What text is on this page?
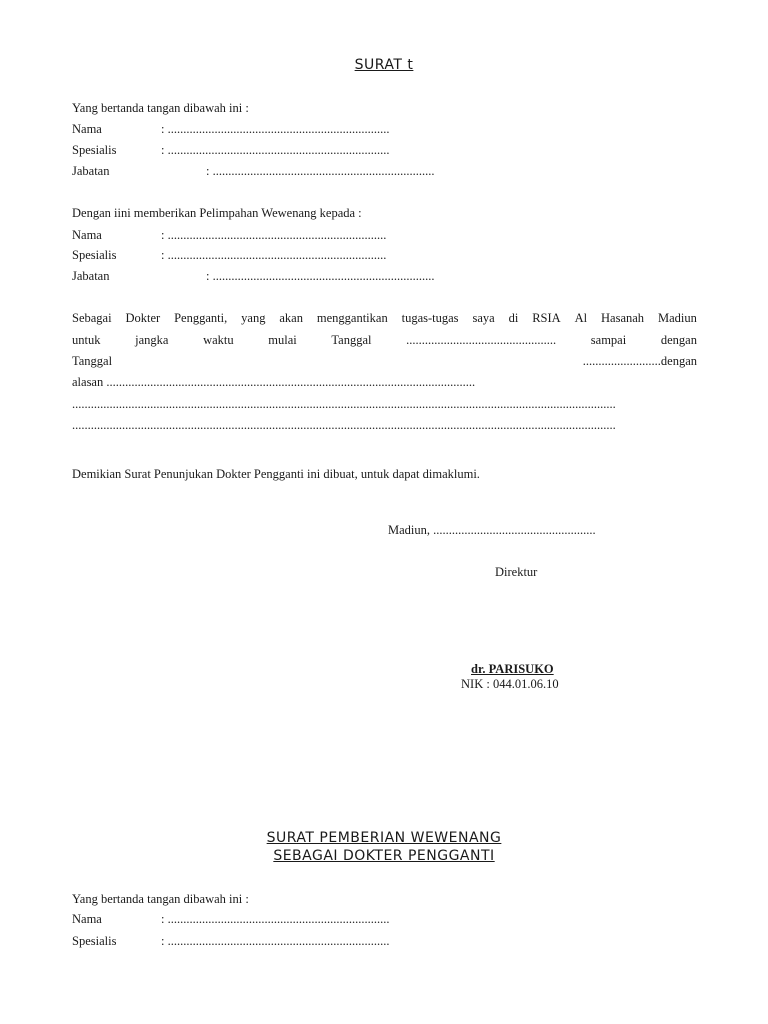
SURAT t
Yang bertanda tangan dibawah ini :
Nama	: .......................................................................
Spesialis	: .......................................................................
Jabatan	: .......................................................................
Dengan iini memberikan Pelimpahan Wewenang kepada :
Nama	: ......................................................................
Spesialis	: ......................................................................
Jabatan	: .......................................................................
Sebagai Dokter Pengganti, yang akan menggantikan tugas-tugas saya di RSIA Al Hasanah Madiun
untuk	jangka	waktu	mulai	Tanggal	................................................	sampai	dengan
Tanggal	.........................dengan
alasan ......................................................................................................................
..............................................................................................................................................................................
..............................................................................................................................................................................
Demikian Surat Penunjukan Dokter Pengganti ini dibuat, untuk dapat dimaklumi.
Madiun, ....................................................
Direktur
dr. PARISUKO
NIK : 044.01.06.10
SURAT PEMBERIAN WEWENANG
SEBAGAI DOKTER PENGGANTI
Yang bertanda tangan dibawah ini :
Nama	: .......................................................................
Spesialis	: .......................................................................
